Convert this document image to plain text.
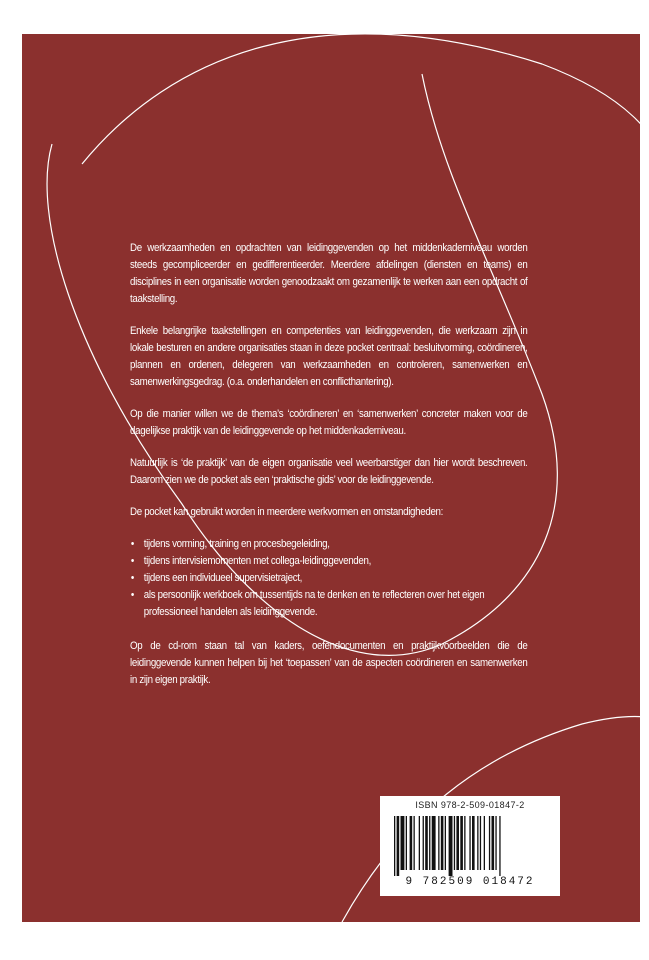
De werkzaamheden en opdrachten van leidinggevenden op het middenkaderniveau worden steeds gecompliceerder en gedifferentieerder. Meerdere afdelingen (diensten en teams) en disciplines in een organisatie worden genoodzaakt om gezamenlijk te werken aan een opdracht of taakstelling.

Enkele belangrijke taakstellingen en competenties van leidinggevenden, die werkzaam zijn in lokale besturen en andere organisaties staan in deze pocket centraal: besluitvorming, coördineren, plannen en ordenen, delegeren van werkzaamheden en controleren, samenwerken en samenwerkingsgedrag. (o.a. onderhandelen en conflicthantering).

Op die manier willen we de thema’s ‘coördineren’ en ‘samenwerken’ concreter maken voor de dagelijkse praktijk van de leidinggevende op het middenkaderniveau.

Natuurlijk is ‘de praktijk’ van de eigen organisatie veel weerbarstiger dan hier wordt beschreven. Daarom zien we de pocket als een ‘praktische gids’ voor de leidinggevende.

De pocket kan gebruikt worden in meerdere werkvormen en omstandigheden:

• tijdens vorming, training en procesbegeleiding,
• tijdens intervisiemomenten met collega-leidinggevenden,
• tijdens een individueel supervisietraject,
• als persoonlijk werkboek om tussentijds na te denken en te reflecteren over het eigen professioneel handelen als leidinggevende.

Op de cd-rom staan tal van kaders, oefendocumenten en praktijkvoorbeelden die de leidinggevende kunnen helpen bij het ‘toepassen’ van de aspecten coördineren en samenwerken in zijn eigen praktijk.

ISBN 978-2-509-01847-2
9 782509 018472
